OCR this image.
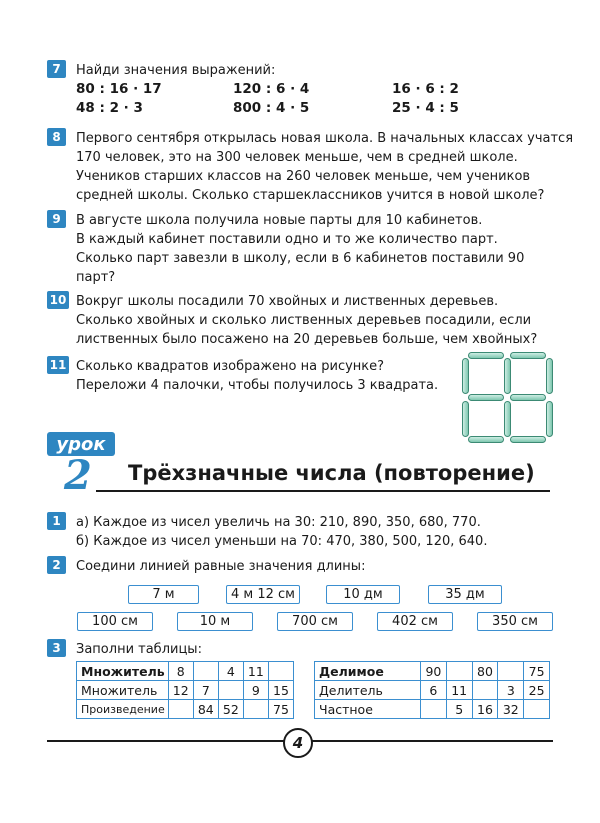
7	Найди значения выражений:
80 : 16 · 17	120 : 6 · 4	16 · 6 : 2
48 : 2 · 3	800 : 4 · 5	25 · 4 : 5
8	Первого сентября открылась новая школа. В начальных классах учатся
170 человек, это на 300 человек меньше, чем в средней школе.
Учеников старших классов на 260 человек меньше, чем учеников
средней школы. Сколько старшеклассников учится в новой школе?
9	В августе школа получила новые парты для 10 кабинетов.
В каждый кабинет поставили одно и то же количество парт.
Сколько парт завезли в школу, если в 6 кабинетов поставили 90
парт?
10 Вокруг школы посадили 70 хвойных и лиственных деревьев.
Сколько хвойных и сколько лиственных деревьев посадили, если
лиственных было посажено на 20 деревьев больше, чем хвойных?
11 Сколько квадратов изображено на рисунке?
Переложи 4 палочки, чтобы получилось 3 квадрата.
урок
2 Трёхзначные числа (повторение)
1	а) Каждое из чисел увеличь на 30: 210, 890, 350, 680, 770.
б) Каждое из чисел уменьши на 70: 470, 380, 500, 120, 640.
2	Соедини линией равные значения длины:
7 м	4 м 12 см	10 дм	35 дм
100 см	10 м	700 см	402 см	350 см
3	Заполни таблицы:
Множитель	8		4	11	
Множитель	12	7		9	15
Произведение		84	52		75
Делимое	90		80		75
Делитель	6	11		3	25
Частное		5	16	32	
4
